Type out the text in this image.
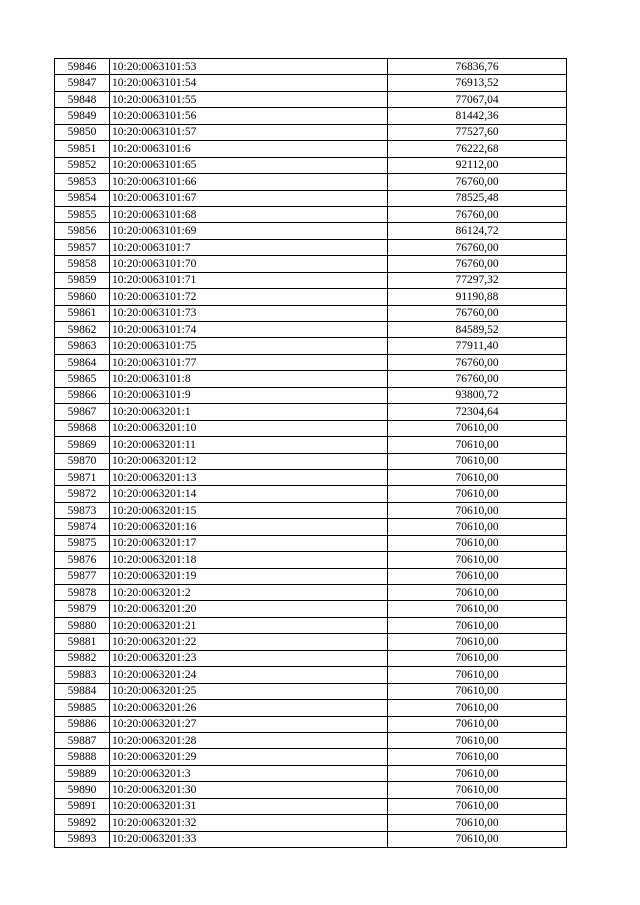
59846	10:20:0063101:53	76836,76
59847	10:20:0063101:54	76913,52
59848	10:20:0063101:55	77067,04
59849	10:20:0063101:56	81442,36
59850	10:20:0063101:57	77527,60
59851	10:20:0063101:6	76222,68
59852	10:20:0063101:65	92112,00
59853	10:20:0063101:66	76760,00
59854	10:20:0063101:67	78525,48
59855	10:20:0063101:68	76760,00
59856	10:20:0063101:69	86124,72
59857	10:20:0063101:7	76760,00
59858	10:20:0063101:70	76760,00
59859	10:20:0063101:71	77297,32
59860	10:20:0063101:72	91190,88
59861	10:20:0063101:73	76760,00
59862	10:20:0063101:74	84589,52
59863	10:20:0063101:75	77911,40
59864	10:20:0063101:77	76760,00
59865	10:20:0063101:8	76760,00
59866	10:20:0063101:9	93800,72
59867	10:20:0063201:1	72304,64
59868	10:20:0063201:10	70610,00
59869	10:20:0063201:11	70610,00
59870	10:20:0063201:12	70610,00
59871	10:20:0063201:13	70610,00
59872	10:20:0063201:14	70610,00
59873	10:20:0063201:15	70610,00
59874	10:20:0063201:16	70610,00
59875	10:20:0063201:17	70610,00
59876	10:20:0063201:18	70610,00
59877	10:20:0063201:19	70610,00
59878	10:20:0063201:2	70610,00
59879	10:20:0063201:20	70610,00
59880	10:20:0063201:21	70610,00
59881	10:20:0063201:22	70610,00
59882	10:20:0063201:23	70610,00
59883	10:20:0063201:24	70610,00
59884	10:20:0063201:25	70610,00
59885	10:20:0063201:26	70610,00
59886	10:20:0063201:27	70610,00
59887	10:20:0063201:28	70610,00
59888	10:20:0063201:29	70610,00
59889	10:20:0063201:3	70610,00
59890	10:20:0063201:30	70610,00
59891	10:20:0063201:31	70610,00
59892	10:20:0063201:32	70610,00
59893	10:20:0063201:33	70610,00
